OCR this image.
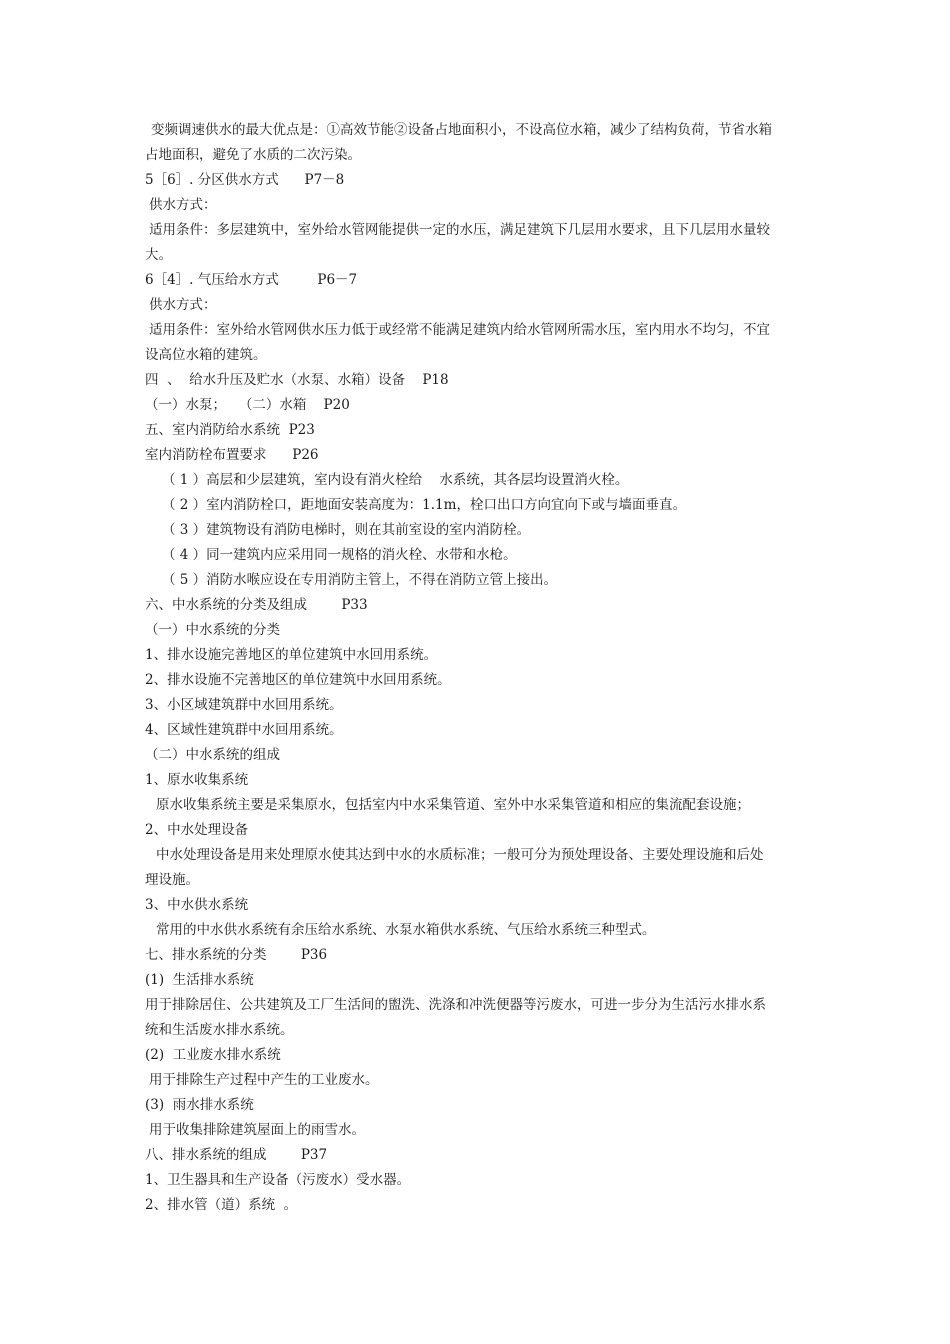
变频调速供水的最大优点是：①高效节能②设备占地面积小，不设高位水箱，减少了结构负荷，节省水箱
占地面积，避免了水质的二次污染。
5［6］. 分区供水方式      P7－8
供水方式：
适用条件：多层建筑中，室外给水管网能提供一定的水压，满足建筑下几层用水要求，且下几层用水量较
大。
6［4］. 气压给水方式         P6－7
供水方式：
适用条件：室外给水管网供水压力低于或经常不能满足建筑内给水管网所需水压，室内用水不均匀，不宜
设高位水箱的建筑。
四  、  给水升压及贮水（水泵、水箱）设备    P18
（一）水泵；   （二）水箱    P20
五、室内消防给水系统  P23
室内消防栓布置要求      P26
（ 1 ）高层和少层建筑，室内设有消火栓给    水系统，其各层均设置消火栓。
（ 2 ）室内消防栓口，距地面安装高度为：1.1m，栓口出口方向宜向下或与墙面垂直。
（ 3 ）建筑物设有消防电梯时，则在其前室设的室内消防栓。
（ 4 ）同一建筑内应采用同一规格的消火栓、水带和水枪。
（ 5 ）消防水喉应设在专用消防主管上，不得在消防立管上接出。
六、中水系统的分类及组成        P33
（一）中水系统的分类
1、排水设施完善地区的单位建筑中水回用系统。
2、排水设施不完善地区的单位建筑中水回用系统。
3、小区域建筑群中水回用系统。
4、区域性建筑群中水回用系统。
（二）中水系统的组成
1、原水收集系统
原水收集系统主要是采集原水，包括室内中水采集管道、室外中水采集管道和相应的集流配套设施；
2、中水处理设备
中水处理设备是用来处理原水使其达到中水的水质标准；一般可分为预处理设备、主要处理设施和后处
理设施。
3、中水供水系统
常用的中水供水系统有余压给水系统、水泵水箱供水系统、气压给水系统三种型式。
七、排水系统的分类        P36
(1)  生活排水系统
用于排除居住、公共建筑及工厂生活间的盥洗、洗涤和冲洗便器等污废水，可进一步分为生活污水排水系
统和生活废水排水系统。
(2)  工业废水排水系统
用于排除生产过程中产生的工业废水。
(3)  雨水排水系统
用于收集排除建筑屋面上的雨雪水。
八、排水系统的组成        P37
1、卫生器具和生产设备（污废水）受水器。
2、排水管（道）系统  。
